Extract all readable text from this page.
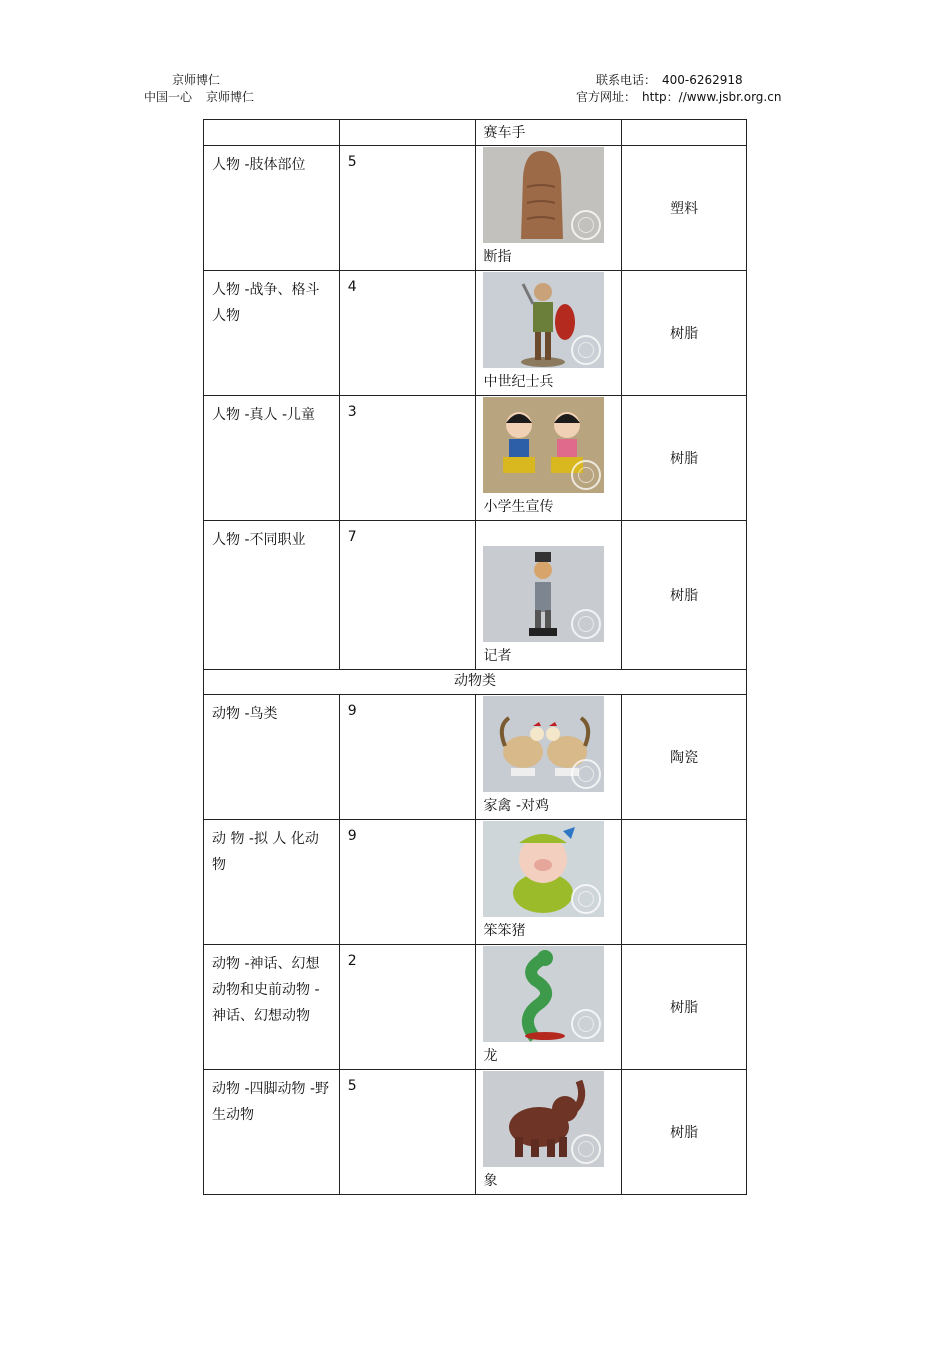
京师博仁
中国一心 京师博仁
联系电话： 400-6262918
官方网址： http：//www.jsbr.org.cn
		赛车手	
人物 -肢体部位	5	断指	塑料
人物 -战争、格斗人物	4	中世纪士兵	树脂
人物 -真人 -儿童	3	小学生宣传	树脂
人物 -不同职业	7	记者	树脂
动物类			
动物 -鸟类	9	家禽 -对鸡	陶瓷
动 物 -拟 人 化动物	9	笨笨猪	

动物 -神话、幻想动物和史前动物 -神话、幻想动物	2	龙	树脂
动物 -四脚动物 -野生动物	5	象	树脂
